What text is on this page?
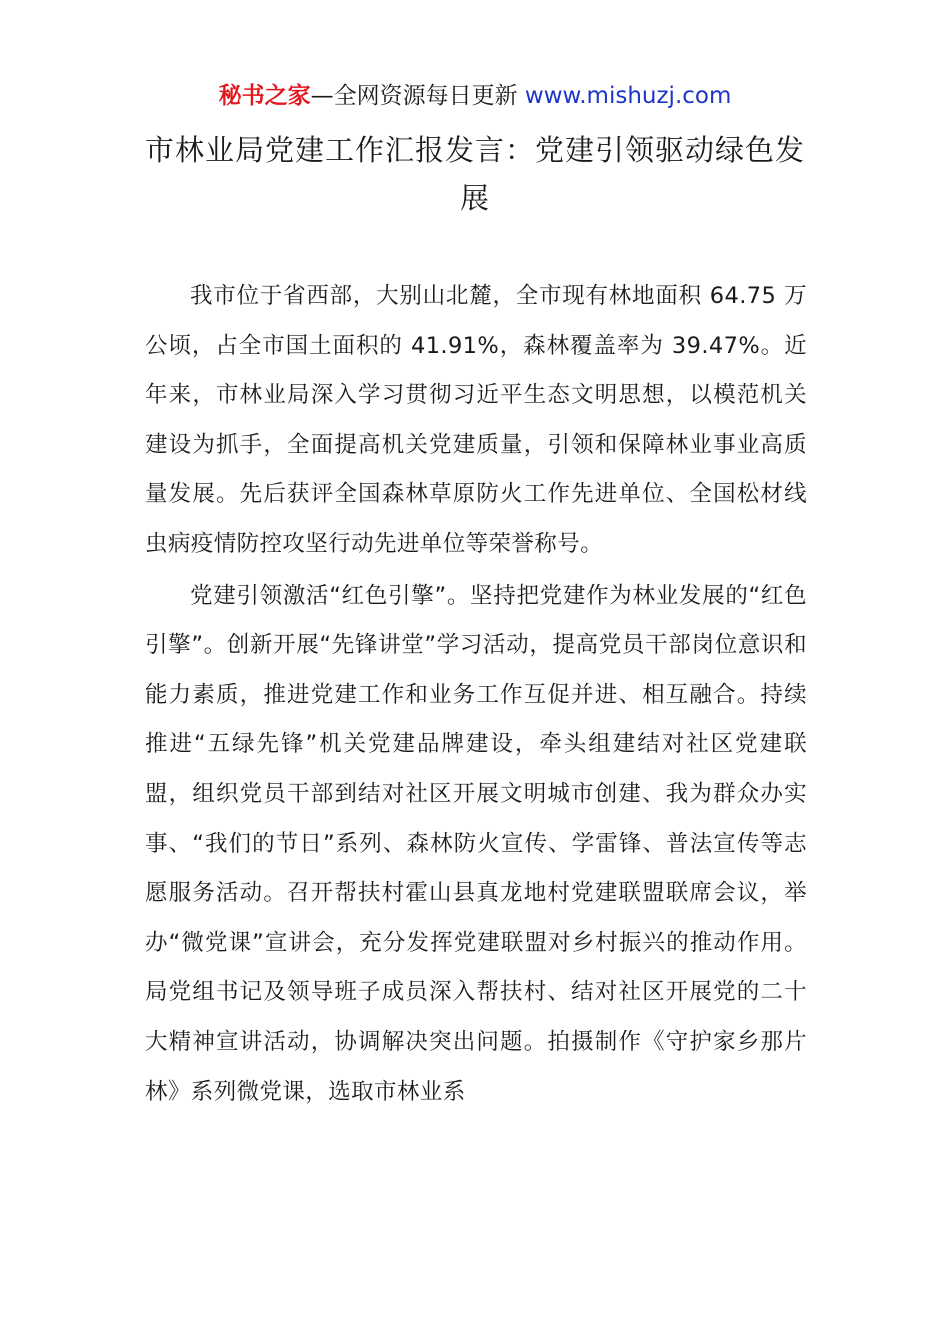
秘书之家—全网资源每日更新 www.mishuzj.com
市林业局党建工作汇报发言：党建引领驱动绿色发展

我市位于省西部，大别山北麓，全市现有林地面积 64.75 万公顷，占全市国土面积的 41.91%，森林覆盖率为 39.47%。近年来，市林业局深入学习贯彻习近平生态文明思想，以模范机关建设为抓手，全面提高机关党建质量，引领和保障林业事业高质量发展。先后获评全国森林草原防火工作先进单位、全国松材线虫病疫情防控攻坚行动先进单位等荣誉称号。

党建引领激活“红色引擎”。坚持把党建作为林业发展的“红色引擎”。创新开展“先锋讲堂”学习活动，提高党员干部岗位意识和能力素质，推进党建工作和业务工作互促并进、相互融合。持续推进“五绿先锋”机关党建品牌建设，牵头组建结对社区党建联盟，组织党员干部到结对社区开展文明城市创建、我为群众办实事、“我们的节日”系列、森林防火宣传、学雷锋、普法宣传等志愿服务活动。召开帮扶村霍山县真龙地村党建联盟联席会议，举办“微党课”宣讲会，充分发挥党建联盟对乡村振兴的推动作用。局党组书记及领导班子成员深入帮扶村、结对社区开展党的二十大精神宣讲活动，协调解决突出问题。拍摄制作《守护家乡那片林》系列微党课，选取市林业系
